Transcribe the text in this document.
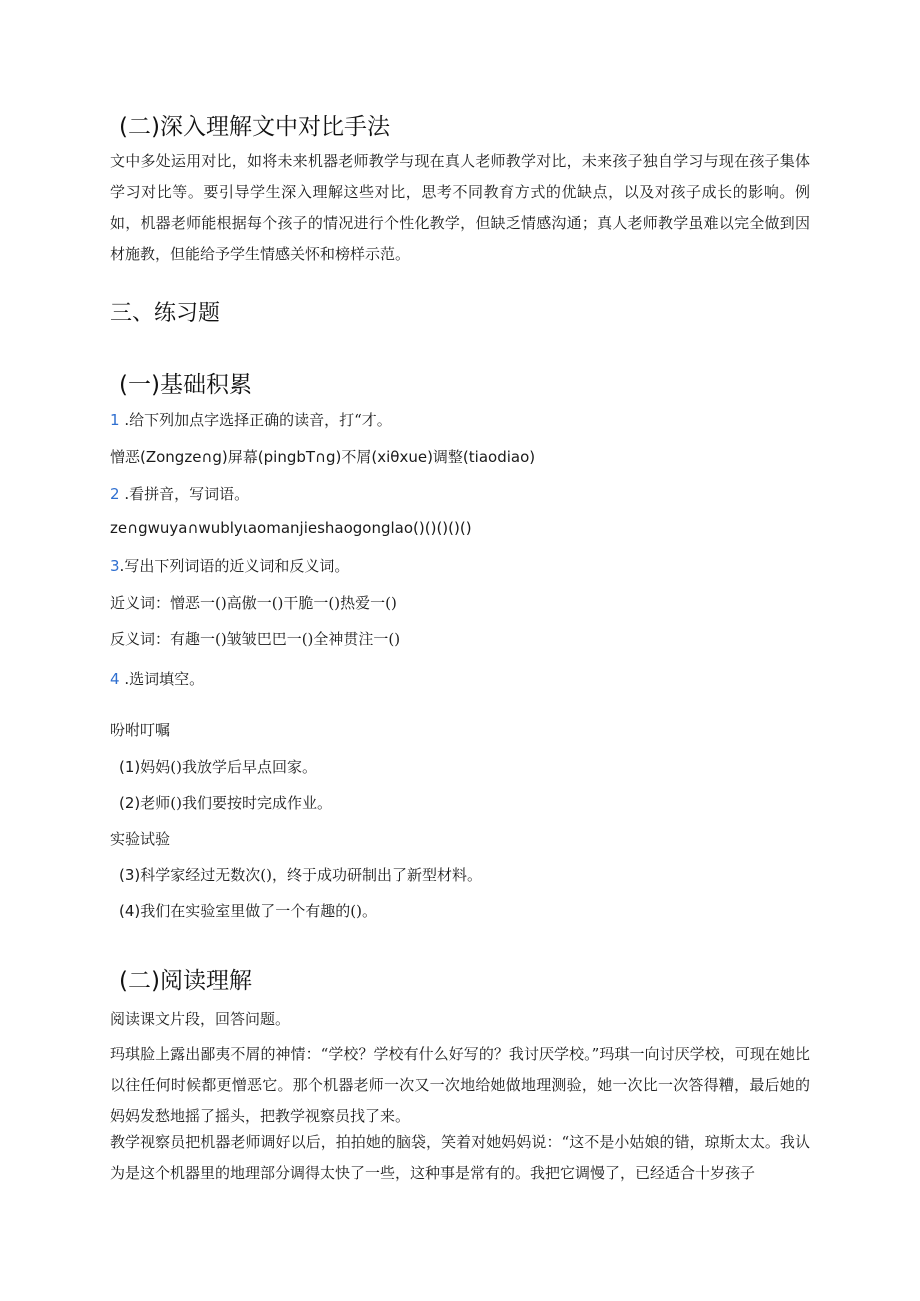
(二)深入理解文中对比手法
文中多处运用对比，如将未来机器老师教学与现在真人老师教学对比，未来孩子独自学习与现在孩子集体学习对比等。要引导学生深入理解这些对比，思考不同教育方式的优缺点，以及对孩子成长的影响。例如，机器老师能根据每个孩子的情况进行个性化教学，但缺乏情感沟通；真人老师教学虽难以完全做到因材施教，但能给予学生情感关怀和榜样示范。
三、练习题
(一)基础积累
1 .给下列加点字选择正确的读音，打“才。
憎恶(Zongze∩g)屏幕(pingbT∩g)不屑(xiθxue)调整(tiaodiao)
2 .看拼音，写词语。
ze∩gwuya∩wublyιaomanjieshaogonglao()()()()()
3.写出下列词语的近义词和反义词。
近义词：憎恶一()高傲一()干脆一()热爱一()
反义词：有趣一()皱皱巴巴一()全神贯注一()
4 .选词填空。
吩咐叮嘱
(1)妈妈()我放学后早点回家。
(2)老师()我们要按时完成作业。
实验试验
(3)科学家经过无数次()，终于成功研制出了新型材料。
(4)我们在实验室里做了一个有趣的()。
(二)阅读理解
阅读课文片段，回答问题。
玛琪脸上露出鄙夷不屑的神情：“学校？学校有什么好写的？我讨厌学校。”玛琪一向讨厌学校，可现在她比以往任何时候都更憎恶它。那个机器老师一次又一次地给她做地理测验，她一次比一次答得糟，最后她的妈妈发愁地摇了摇头，把教学视察员找了来。
教学视察员把机器老师调好以后，拍拍她的脑袋，笑着对她妈妈说：“这不是小姑娘的错，琼斯太太。我认为是这个机器里的地理部分调得太快了一些，这种事是常有的。我把它调慢了，已经适合十岁孩子
